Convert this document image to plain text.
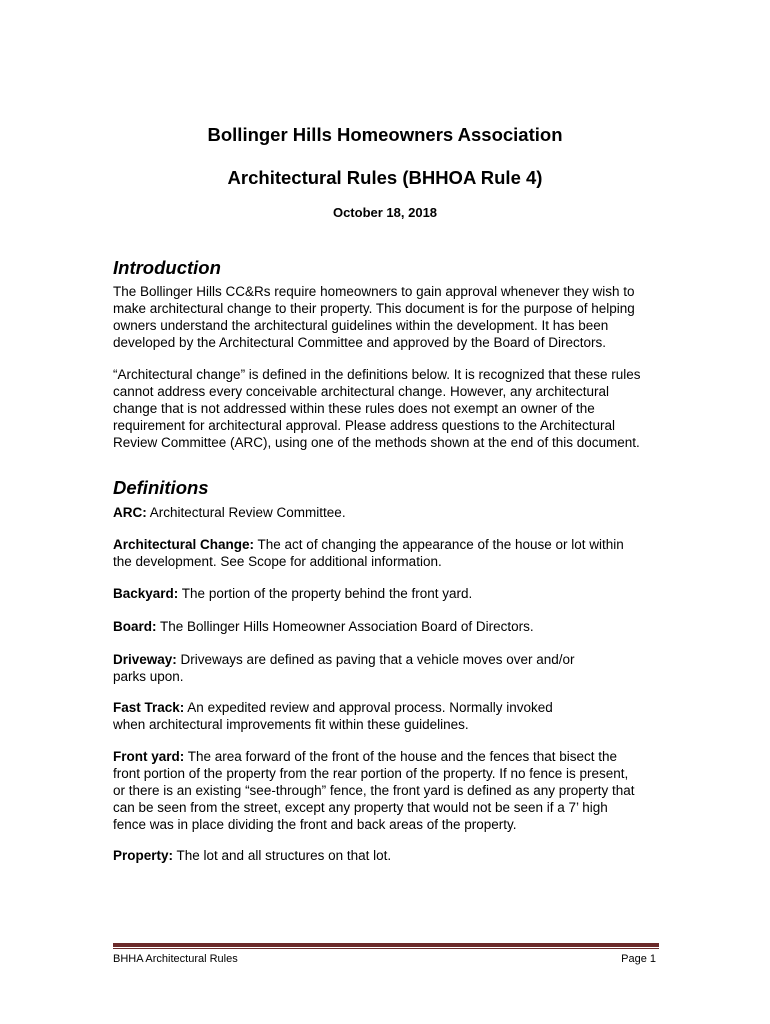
Bollinger Hills Homeowners Association
Architectural Rules (BHHOA Rule 4)
October 18, 2018
Introduction
The Bollinger Hills CC&Rs require homeowners to gain approval whenever they wish to
make architectural change to their property. This document is for the purpose of helping
owners understand the architectural guidelines within the development. It has been
developed by the Architectural Committee and approved by the Board of Directors.
“Architectural change” is defined in the definitions below. It is recognized that these rules
cannot address every conceivable architectural change. However, any architectural
change that is not addressed within these rules does not exempt an owner of the
requirement for architectural approval. Please address questions to the Architectural
Review Committee (ARC), using one of the methods shown at the end of this document.
Definitions
ARC: Architectural Review Committee.
Architectural Change: The act of changing the appearance of the house or lot within
the development. See Scope for additional information.
Backyard: The portion of the property behind the front yard.
Board: The Bollinger Hills Homeowner Association Board of Directors.
Driveway: Driveways are defined as paving that a vehicle moves over and/or
parks upon.
Fast Track: An expedited review and approval process. Normally invoked
when architectural improvements fit within these guidelines.
Front yard: The area forward of the front of the house and the fences that bisect the
front portion of the property from the rear portion of the property. If no fence is present,
or there is an existing “see-through” fence, the front yard is defined as any property that
can be seen from the street, except any property that would not be seen if a 7’ high
fence was in place dividing the front and back areas of the property.
Property: The lot and all structures on that lot.
BHHA Architectural Rules	Page 1
